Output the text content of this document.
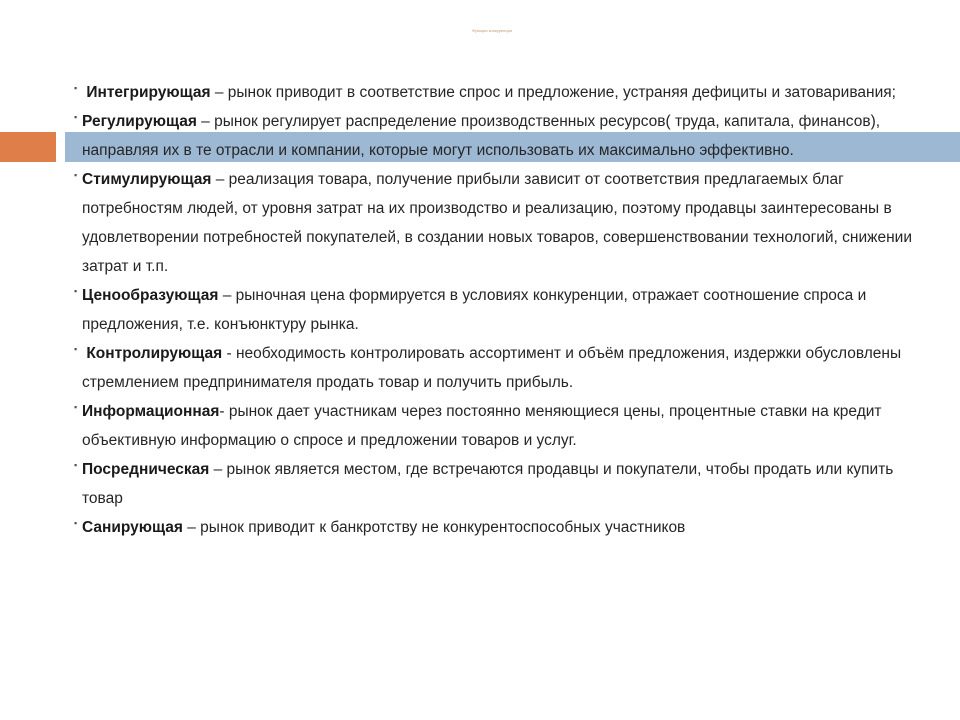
Функции конкуренции
▪ Интегрирующая – рынок приводит в соответствие спрос и предложение, устраняя дефициты и затоваривания;
▪ Регулирующая – рынок регулирует распределение производственных ресурсов( труда, капитала, финансов), направляя их в те отрасли и компании, которые могут использовать их максимально эффективно.
▪ Стимулирующая – реализация товара, получение прибыли зависит от соответствия предлагаемых благ потребностям людей, от уровня затрат на их производство и реализацию, поэтому продавцы заинтересованы в удовлетворении потребностей покупателей, в создании новых товаров, совершенствовании технологий, снижении затрат и т.п.
▪ Ценообразующая – рыночная цена формируется в условиях конкуренции, отражает соотношение спроса и предложения, т.е. конъюнктуру рынка.
▪ Контролирующая - необходимость контролировать ассортимент и объём предложения, издержки обусловлены стремлением предпринимателя продать товар и получить прибыль.
▪ Информационная- рынок дает участникам через постоянно меняющиеся цены, процентные ставки на кредит объективную информацию о спросе и предложении товаров и услуг.
▪ Посредническая – рынок является местом, где встречаются продавцы и покупатели, чтобы продать или купить товар
▪ Санирующая – рынок приводит к банкротству не конкурентоспособных участников
